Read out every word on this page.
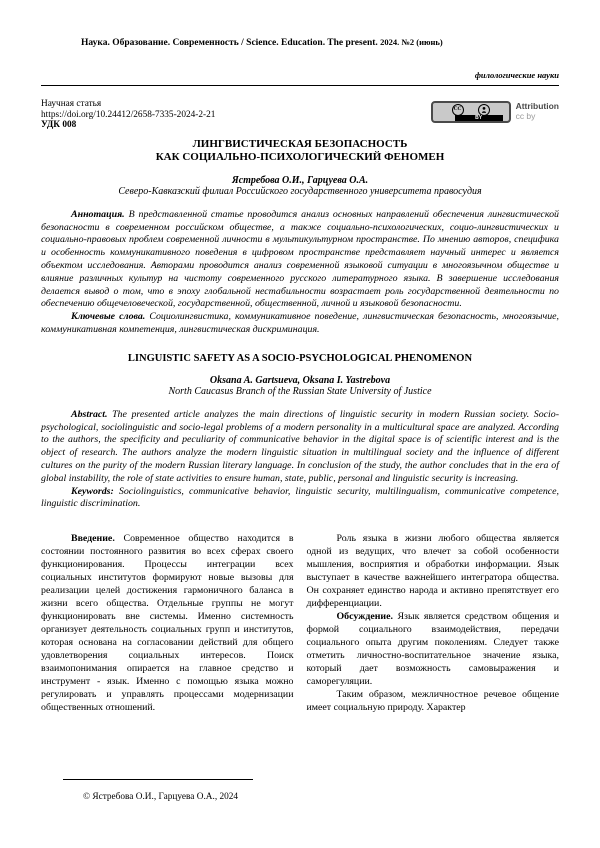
Наука. Образование. Современность / Science. Education. The present. 2024. №2 (июнь)
филологические науки
Научная статья
https://doi.org/10.24412/2658-7335-2024-2-21
УДК 008
CC
BY
Attribution
cc by
ЛИНГВИСТИЧЕСКАЯ БЕЗОПАСНОСТЬ
КАК СОЦИАЛЬНО-ПСИХОЛОГИЧЕСКИЙ ФЕНОМЕН
Ястребова О.И., Гарцуева О.А.
Северо-Кавказский филиал Российского государственного университета правосудия

Аннотация. В представленной статье проводится анализ основных направлений обеспечения лингвистической безопасности в современном российском обществе, а также социально-психологических, социо-лингвистических и социально-правовых проблем современной личности в мультикультурном пространстве. По мнению авторов, специфика и особенность коммуникативного поведения в цифровом пространстве представляет научный интерес и является объектом исследования. Авторами проводится анализ современной языковой ситуации в многоязычном обществе и влияние различных культур на чистоту современного русского литературного языка. В завершение исследования делается вывод о том, что в эпоху глобальной нестабильности возрастает роль государственной деятельности по обеспечению общечеловеческой, государственной, общественной, личной и языковой безопасности.

Ключевые слова. Социолингвистика, коммуникативное поведение, лингвистическая безопасность, многоязычие, коммуникативная компетенция, лингвистическая дискриминация.

LINGUISTIC SAFETY AS A SOCIO-PSYCHOLOGICAL PHENOMENON
Oksana A. Gartsueva, Oksana I. Yastrebova
North Caucasus Branch of the Russian State University of Justice

Abstract. The presented article analyzes the main directions of linguistic security in modern Russian society. Socio-psychological, sociolinguistic and socio-legal problems of a modern personality in a multicultural space are analyzed. According to the authors, the specificity and peculiarity of communicative behavior in the digital space is of scientific interest and is the object of research. The authors analyze the modern linguistic situation in multilingual society and the influence of different cultures on the purity of the modern Russian literary language. In conclusion of the study, the author concludes that in the era of global instability, the role of state activities to ensure human, state, public, personal and linguistic security is increasing.

Keywords: Sociolinguistics, communicative behavior, linguistic security, multilingualism, communicative competence, linguistic discrimination.

Введение. Современное общество находится в состоянии постоянного развития во всех сферах своего функционирования. Процессы интеграции всех социальных институтов формируют новые вызовы для реализации целей достижения гармоничного баланса в жизни всего общества. Отдельные группы не могут функционировать вне системы. Именно системность организует деятельность социальных групп и институтов, которая основана на согласовании действий для общего удовлетворения социальных интересов. Поиск взаимопонимания опирается на главное средство и инструмент - язык. Именно с помощью языка можно регулировать и управлять процессами модернизации общественных отношений.

Роль языка в жизни любого общества является одной из ведущих, что влечет за собой особенности мышления, восприятия и обработки информации. Язык выступает в качестве важнейшего интегратора общества. Он сохраняет единство народа и активно препятствует его дифференциации.

Обсуждение. Язык является средством общения и формой социального взаимодействия, передачи социального опыта другим поколениям. Следует также отметить личностно-воспитательное значение языка, который дает возможность самовыражения и саморегуляции.

Таким образом, межличностное речевое общение имеет социальную природу. Характер

© Ястребова О.И., Гарцуева О.А., 2024
